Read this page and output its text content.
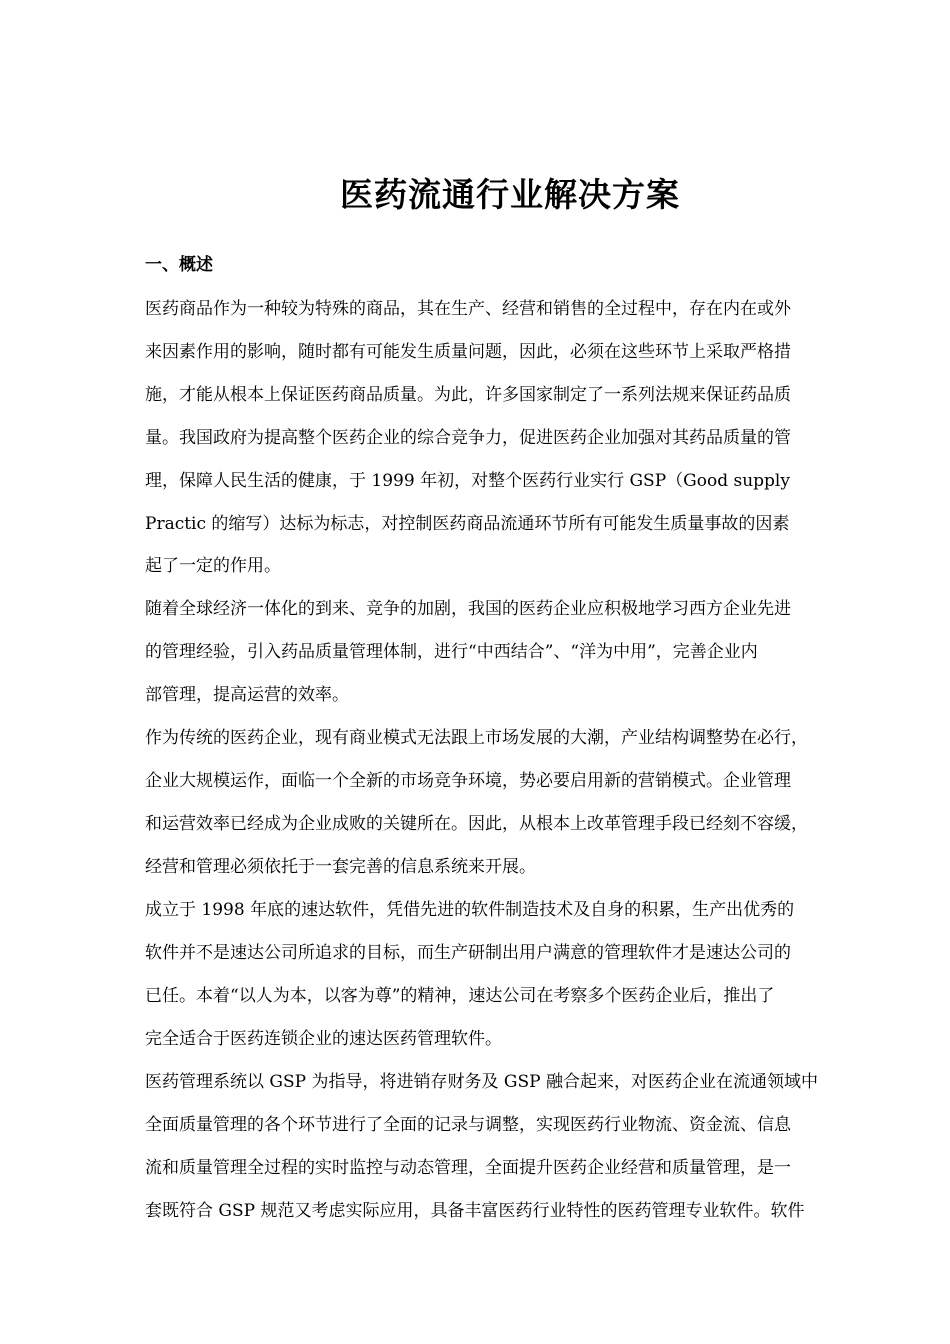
医药流通行业解决方案
一、概述
医药商品作为一种较为特殊的商品，其在生产、经营和销售的全过程中，存在内在或外
来因素作用的影响，随时都有可能发生质量问题，因此，必须在这些环节上采取严格措
施，才能从根本上保证医药商品质量。为此，许多国家制定了一系列法规来保证药品质
量。我国政府为提高整个医药企业的综合竞争力，促进医药企业加强对其药品质量的管
理，保障人民生活的健康，于 1999 年初，对整个医药行业实行 GSP（Good supply
Practic 的缩写）达标为标志，对控制医药商品流通环节所有可能发生质量事故的因素
起了一定的作用。
随着全球经济一体化的到来、竞争的加剧，我国的医药企业应积极地学习西方企业先进
的管理经验，引入药品质量管理体制，进行“中西结合”、“洋为中用”，完善企业内
部管理，提高运营的效率。
作为传统的医药企业，现有商业模式无法跟上市场发展的大潮，产业结构调整势在必行，
企业大规模运作，面临一个全新的市场竞争环境，势必要启用新的营销模式。企业管理
和运营效率已经成为企业成败的关键所在。因此，从根本上改革管理手段已经刻不容缓，
经营和管理必须依托于一套完善的信息系统来开展。
成立于 1998 年底的速达软件，凭借先进的软件制造技术及自身的积累，生产出优秀的
软件并不是速达公司所追求的目标，而生产研制出用户满意的管理软件才是速达公司的
已任。本着“以人为本，以客为尊”的精神，速达公司在考察多个医药企业后，推出了
完全适合于医药连锁企业的速达医药管理软件。
医药管理系统以 GSP 为指导，将进销存财务及 GSP 融合起来，对医药企业在流通领域中
全面质量管理的各个环节进行了全面的记录与调整，实现医药行业物流、资金流、信息
流和质量管理全过程的实时监控与动态管理，全面提升医药企业经营和质量管理，是一
套既符合 GSP 规范又考虑实际应用，具备丰富医药行业特性的医药管理专业软件。软件
